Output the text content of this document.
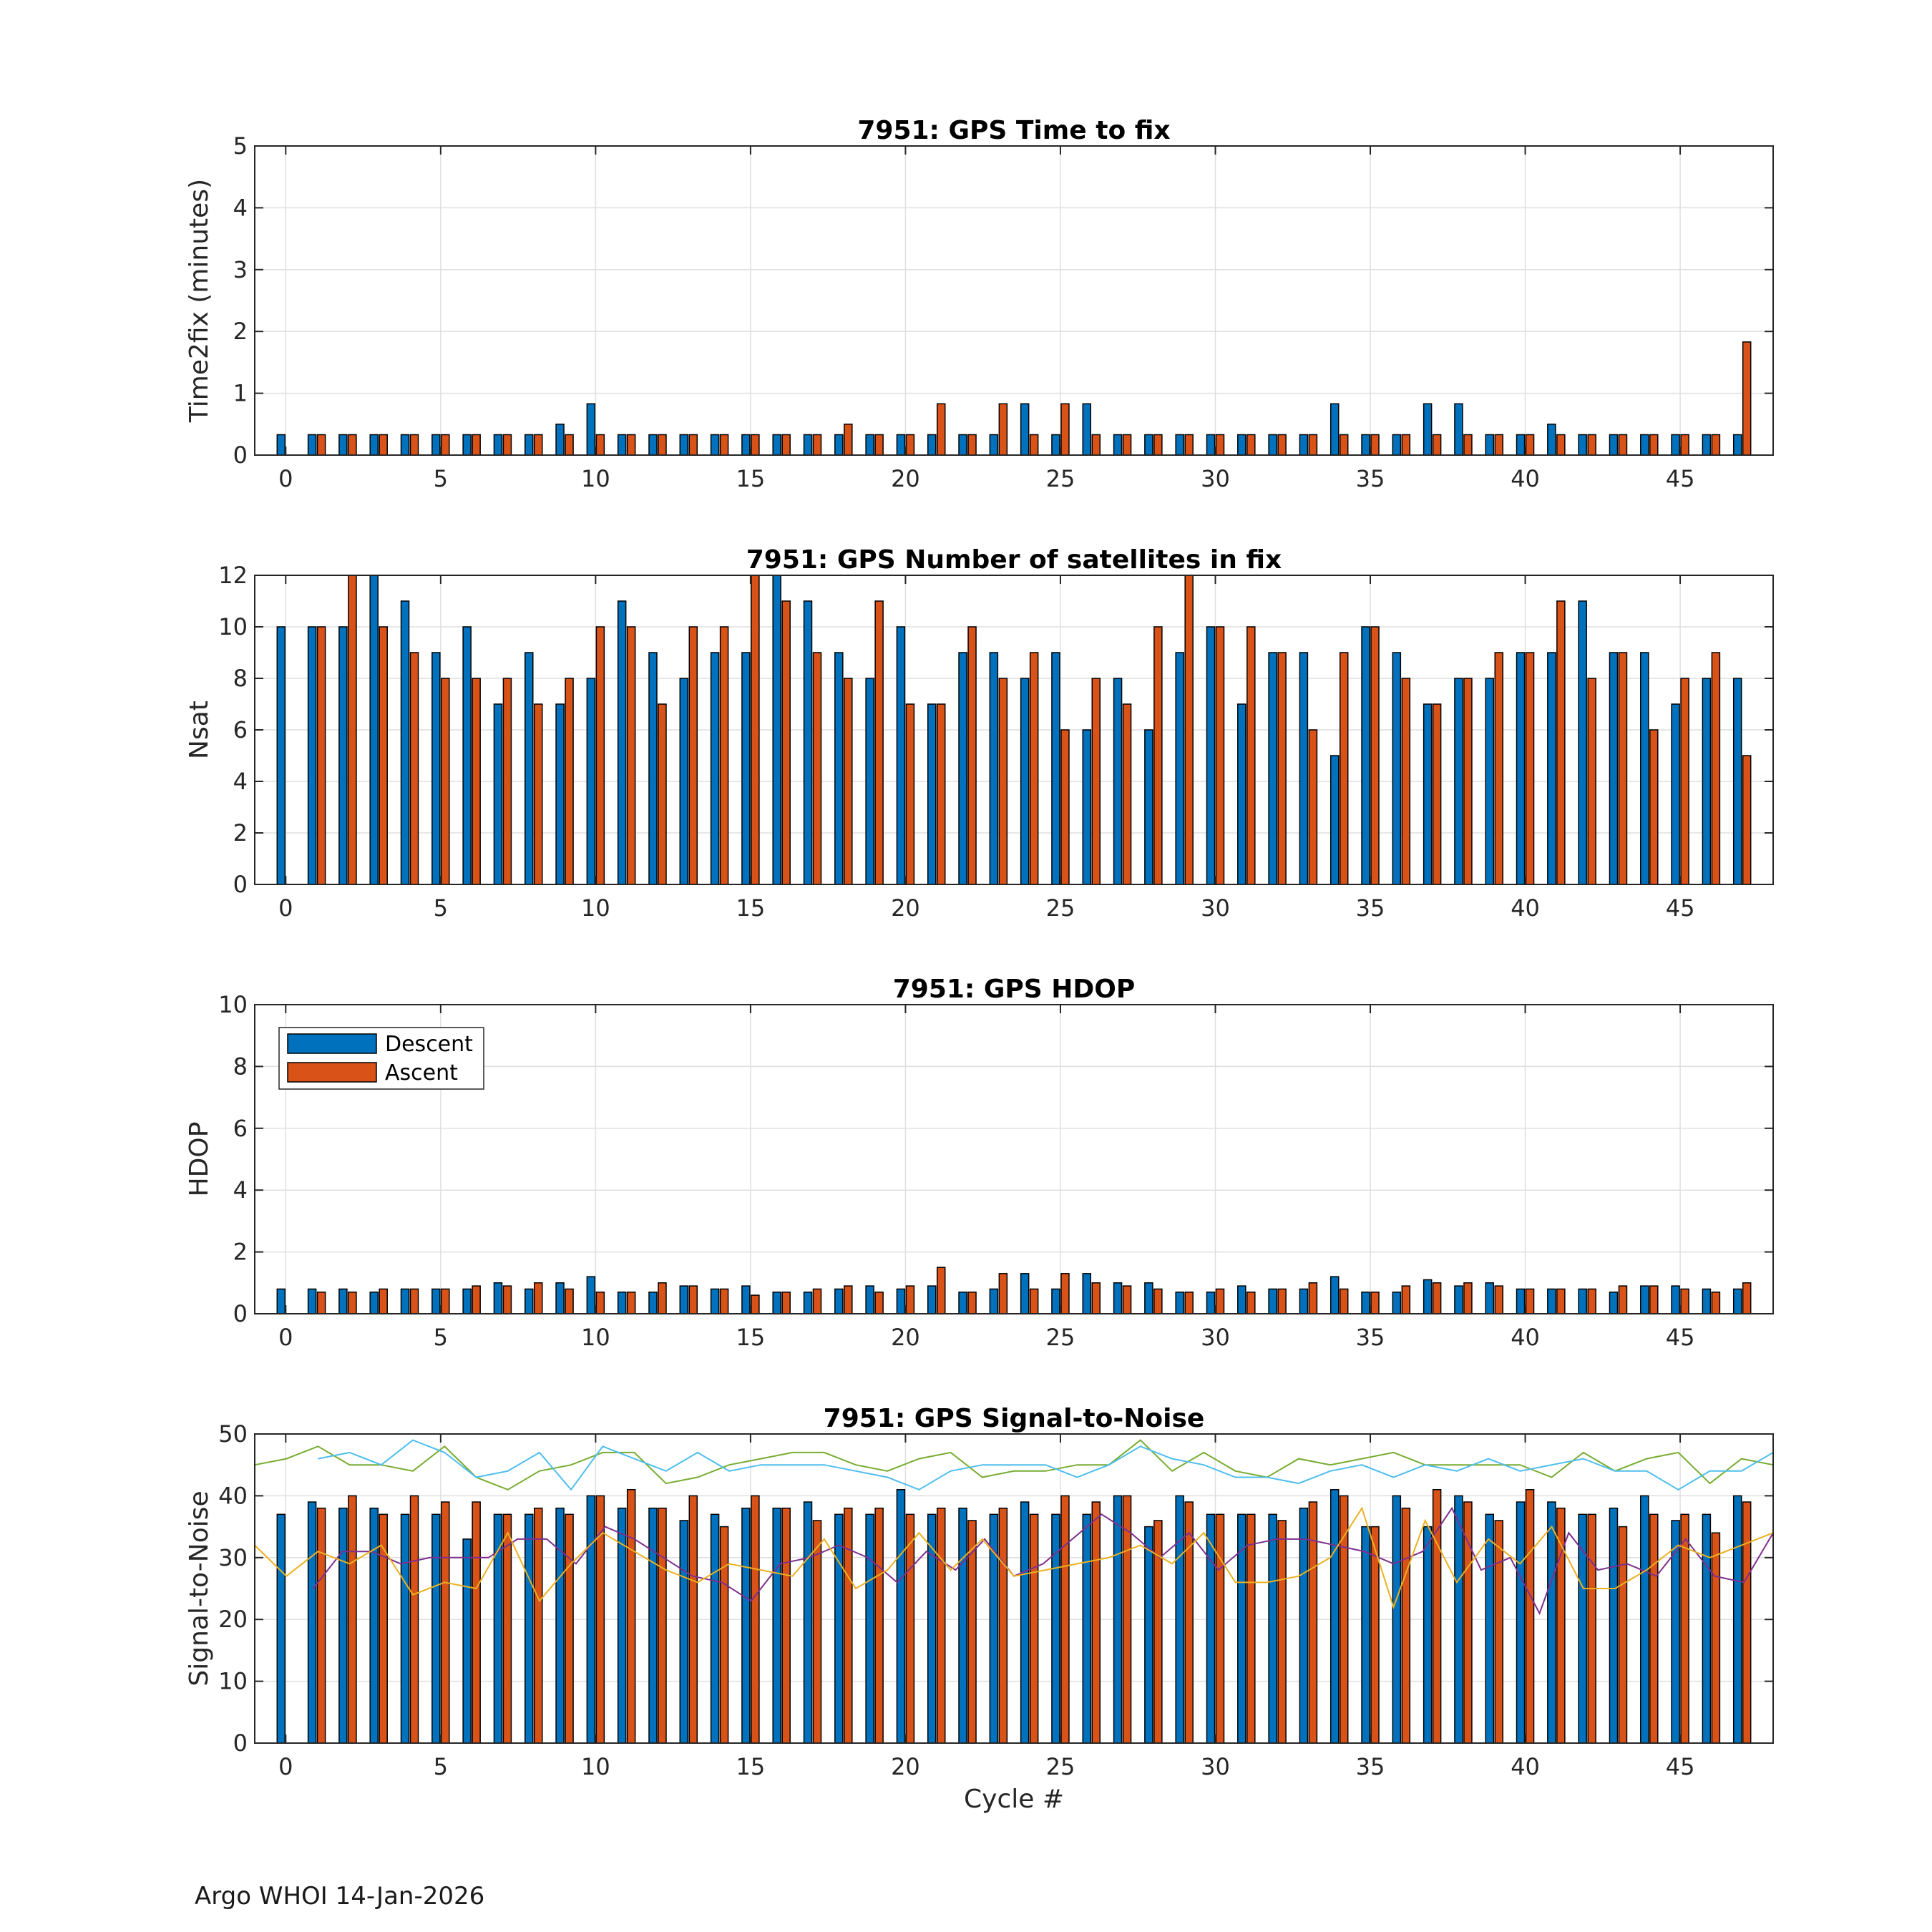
0	5	10	15	20	25	30	35	40	45
0
1
2
3
4
5
7951: GPS Time to fix
Time2fix (minutes)
0	5	10	15	20	25	30	35	40	45
0
2
4
6
8
10
12
7951: GPS Number of satellites in fix
Nsat
0	5	10	15	20	25	30	35	40	45
0
2
4
6
8
10
7951: GPS HDOP
HDOP
Descent
Ascent
0	5	10	15	20	25	30	35	40	45
0
10
20
30
40
50
7951: GPS Signal-to-Noise
Signal-to-Noise
Cycle #
Argo WHOI 14-Jan-2026
